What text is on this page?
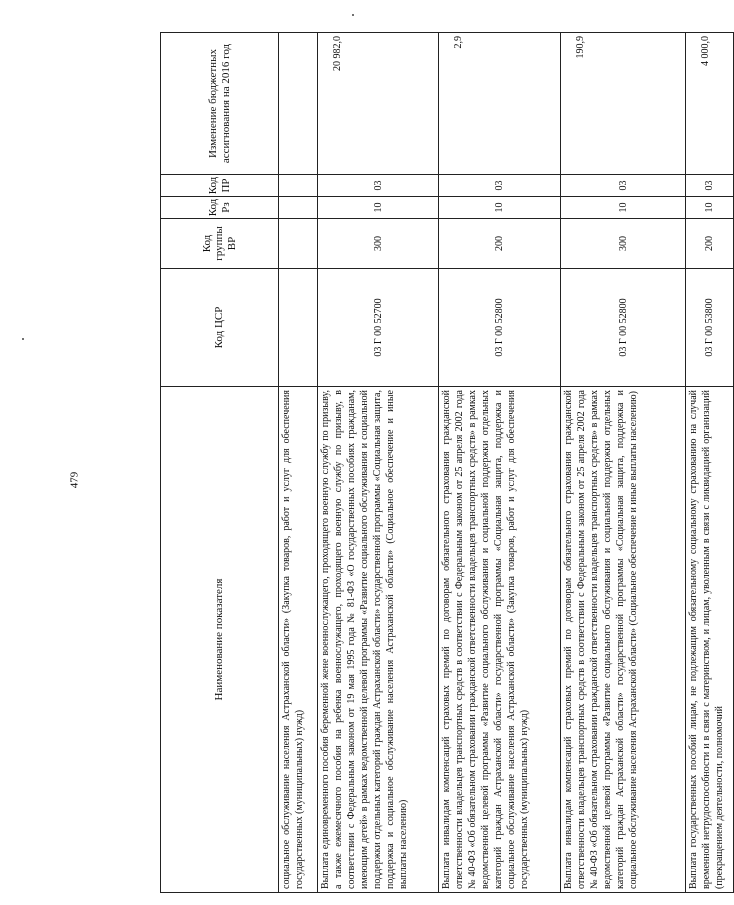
479
Наименование показателя	Код ЦСР	Код группы ВР	Код Рз	Код ПР	Изменение бюджетных ассигнования на 2016 год
социальное обслуживание населения Астраханской области» (Закупка товаров, работ и услуг для обеспечения государственных (муниципальных) нужд)					
Выплата единовременного пособия беременной жене военнослужащего, проходящего военную службу по призыву, а также ежемесячного пособия на ребенка военнослужащего, проходящего военную службу по призыву, в соответствии с Федеральным законом от 19 мая 1995 года № 81-ФЗ «О государственных пособиях гражданам, имеющим детей» в рамках ведомственной целевой программы «Развитие социального обслуживания и социальной поддержки отдельных категорий граждан Астраханской области» государственной программы «Социальная защита, поддержка и социальное обслуживание населения Астраханской области» (Социальное обеспечение и иные выплаты населению)	03 Г 00 52700	300	10	03	20 982,0
Выплата инвалидам компенсаций страховых премий по договорам обязательного страхования гражданской ответственности владельцев транспортных средств в соответствии с Федеральным законом от 25 апреля 2002 года № 40-ФЗ «Об обязательном страховании гражданской ответственности владельцев транспортных средств» в рамках ведомственной целевой программы «Развитие социального обслуживания и социальной поддержки отдельных категорий граждан Астраханской области» государственной программы «Социальная защита, поддержка и социальное обслуживание населения Астраханской области» (Закупка товаров, работ и услуг для обеспечения государственных (муниципальных) нужд)	03 Г 00 52800	200	10	03	2,9
Выплата инвалидам компенсаций страховых премий по договорам обязательного страхования гражданской ответственности владельцев транспортных средств в соответствии с Федеральным законом от 25 апреля 2002 года № 40-ФЗ «Об обязательном страховании гражданской ответственности владельцев транспортных средств» в рамках ведомственной целевой программы «Развитие социального обслуживания и социальной поддержки отдельных категорий граждан Астраханской области» государственной программы «Социальная защита, поддержка и социальное обслуживание населения Астраханской области» (Социальное обеспечение и иные выплаты населению)	03 Г 00 52800	300	10	03	190,9
Выплата государственных пособий лицам, не подлежащим обязательному социальному страхованию на случай временной нетрудоспособности и в связи с материнством, и лицам, уволенным в связи с ликвидацией организаций (прекращением деятельности, полномочий	03 Г 00 53800	200	10	03	4 000,0
